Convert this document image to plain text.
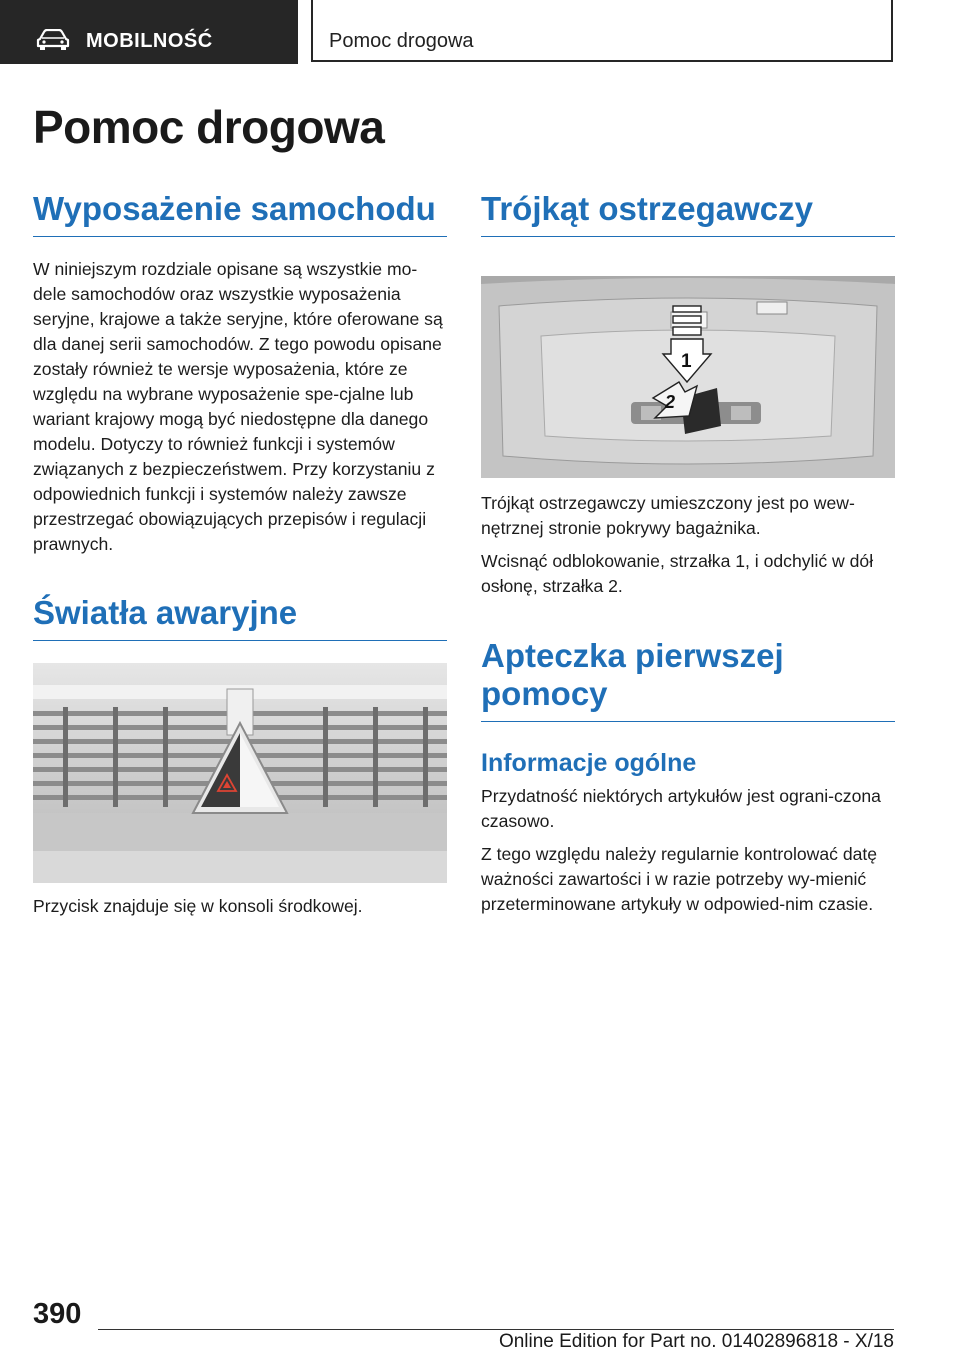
MOBILNOŚĆ	Pomoc drogowa
Pomoc drogowa
Wyposażenie samochodu

W niniejszym rozdziale opisane są wszystkie mo-dele samochodów oraz wszystkie wyposażenia seryjne, krajowe a także seryjne, które oferowane są dla danej serii samochodów. Z tego powodu opisane zostały również te wersje wyposażenia, które ze względu na wybrane wyposażenie spe-cjalne lub wariant krajowy mogą być niedostępne dla danego modelu. Dotyczy to również funkcji i systemów związanych z bezpieczeństwem. Przy korzystaniu z odpowiednich funkcji i systemów należy zawsze przestrzegać obowiązujących przepisów i regulacji prawnych.

Światła awaryjne

Przycisk znajduje się w konsoli środkowej.

Trójkąt ostrzegawczy
1
2

Trójkąt ostrzegawczy umieszczony jest po wew-nętrznej stronie pokrywy bagażnika.

Wcisnąć odblokowanie, strzałka 1, i odchylić w dół osłonę, strzałka 2.

Apteczka pierwszej pomocy
Informacje ogólne

Przydatność niektórych artykułów jest ograni-czona czasowo.

Z tego względu należy regularnie kontrolować datę ważności zawartości i w razie potrzeby wy-mienić przeterminowane artykuły w odpowied-nim czasie.

390
Online Edition for Part no. 01402896818 - X/18
